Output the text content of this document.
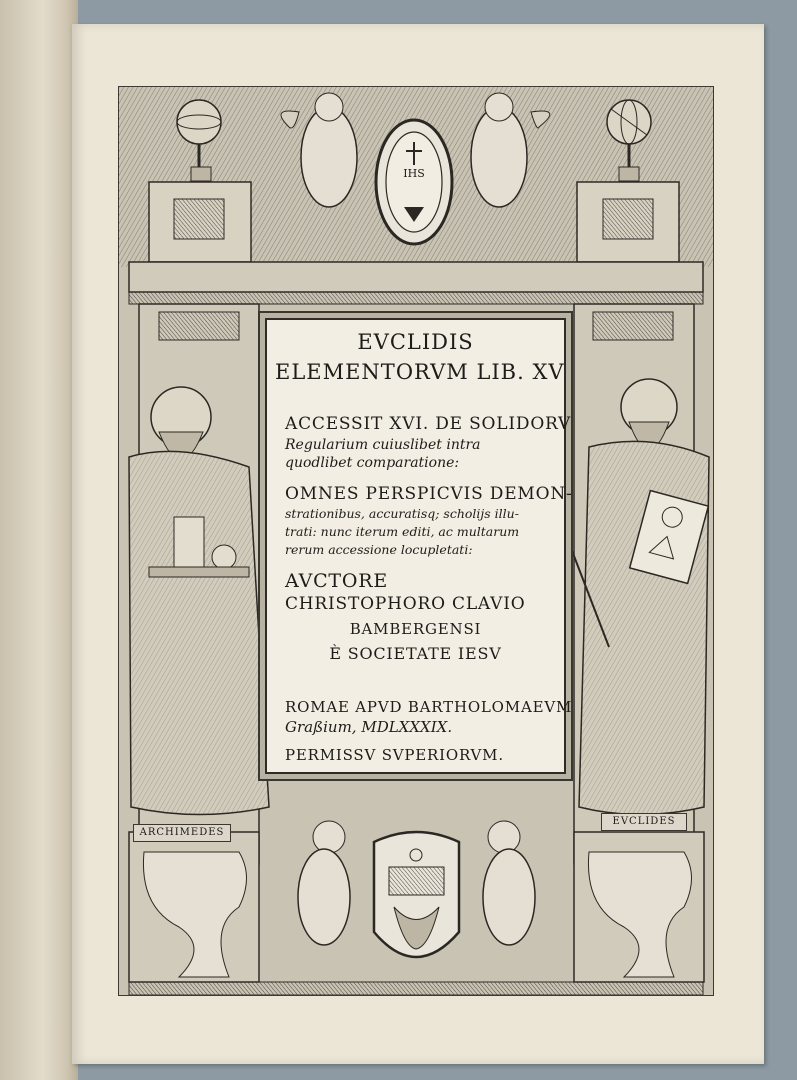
ARCHIMEDES
EVCLIDES
IHS
EVCLIDIS
ELEMENTORVM LIB. XV
ACCESSIT XVI. DE SOLIDORV
Regularium cuiuslibet intra
quodlibet comparatione:
OMNES PERSPICVIS DEMON-
strationibus, accuratisq; scholijs illu-
trati: nunc iterum editi, ac multarum
rerum accessione locupletati:
AVCTORE
CHRISTOPHORO CLAVIO
BAMBERGENSI
È SOCIETATE IESV
ROMAE APVD BARTHOLOMAEVM
Graßium, MDLXXXIX.
PERMISSV SVPERIORVM.
